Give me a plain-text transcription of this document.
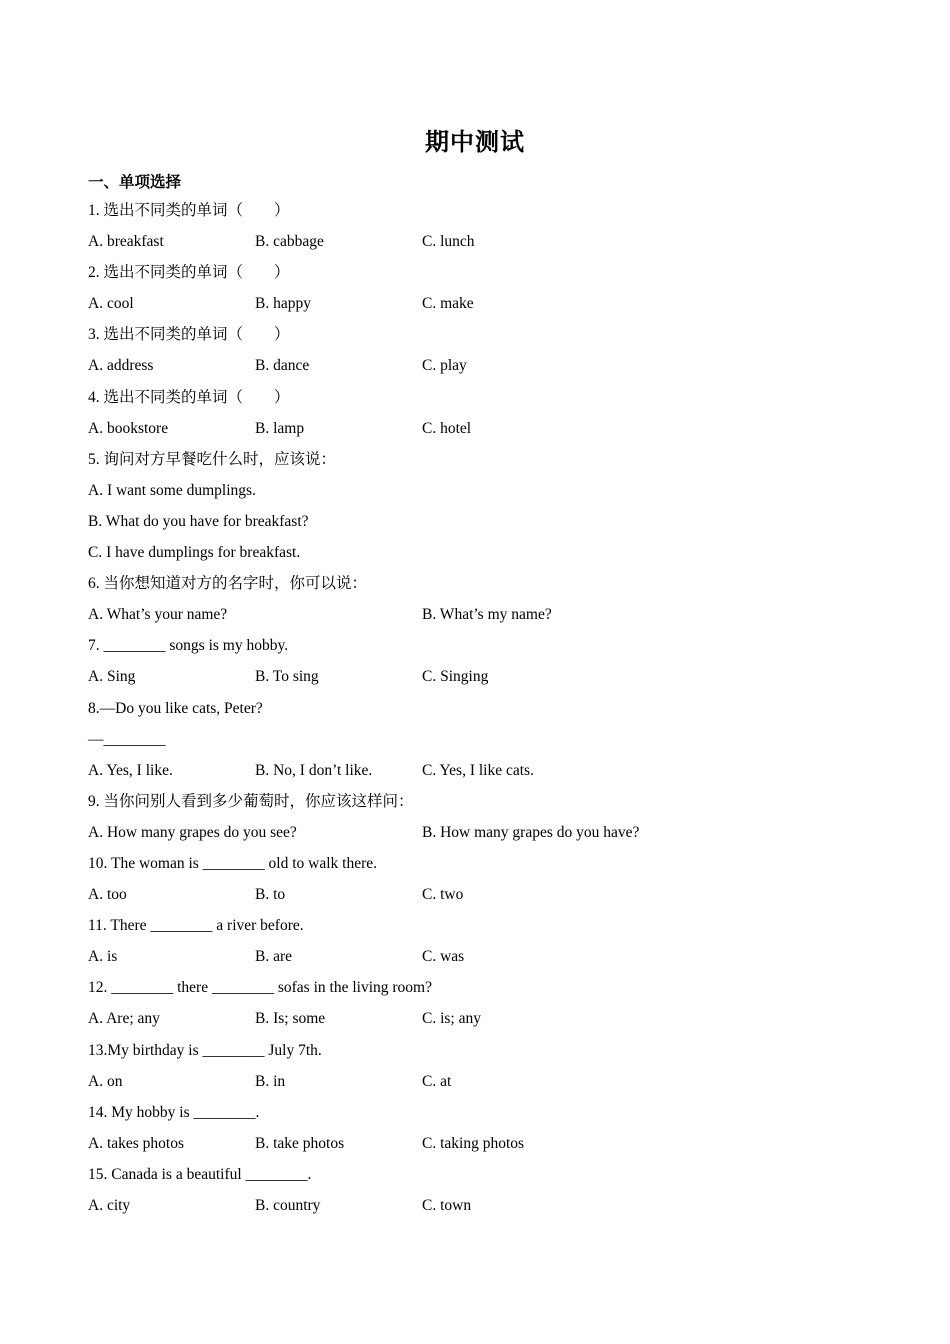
期中测试
一、单项选择
1. 选出不同类的单词（　　）
A. breakfast	B. cabbage	C. lunch
2. 选出不同类的单词（　　）
A. cool	B. happy	C. make
3. 选出不同类的单词（　　）
A. address	B. dance	C. play
4. 选出不同类的单词（　　）
A. bookstore	B. lamp	C. hotel
5. 询问对方早餐吃什么时，应该说：
A. I want some dumplings.
B. What do you have for breakfast?
C. I have dumplings for breakfast.
6. 当你想知道对方的名字时，你可以说：
A. What’s your name?	B. What’s my name?
7. ________ songs is my hobby.
A. Sing	B. To sing	C. Singing
8.—Do you like cats, Peter?
—________
A. Yes, I like.	B. No, I don’t like.	C. Yes, I like cats.
9. 当你问别人看到多少葡萄时，你应该这样问：
A. How many grapes do you see?	B. How many grapes do you have?
10. The woman is ________ old to walk there.
A. too	B. to	C. two
11. There ________ a river before.
A. is	B. are	C. was
12. ________ there ________ sofas in the living room?
A. Are; any	B. Is; some	C. is; any
13.My birthday is ________ July 7th.
A. on	B. in	C. at
14. My hobby is ________.
A. takes photos	B. take photos	C. taking photos
15. Canada is a beautiful ________.
A. city	B. country	C. town
